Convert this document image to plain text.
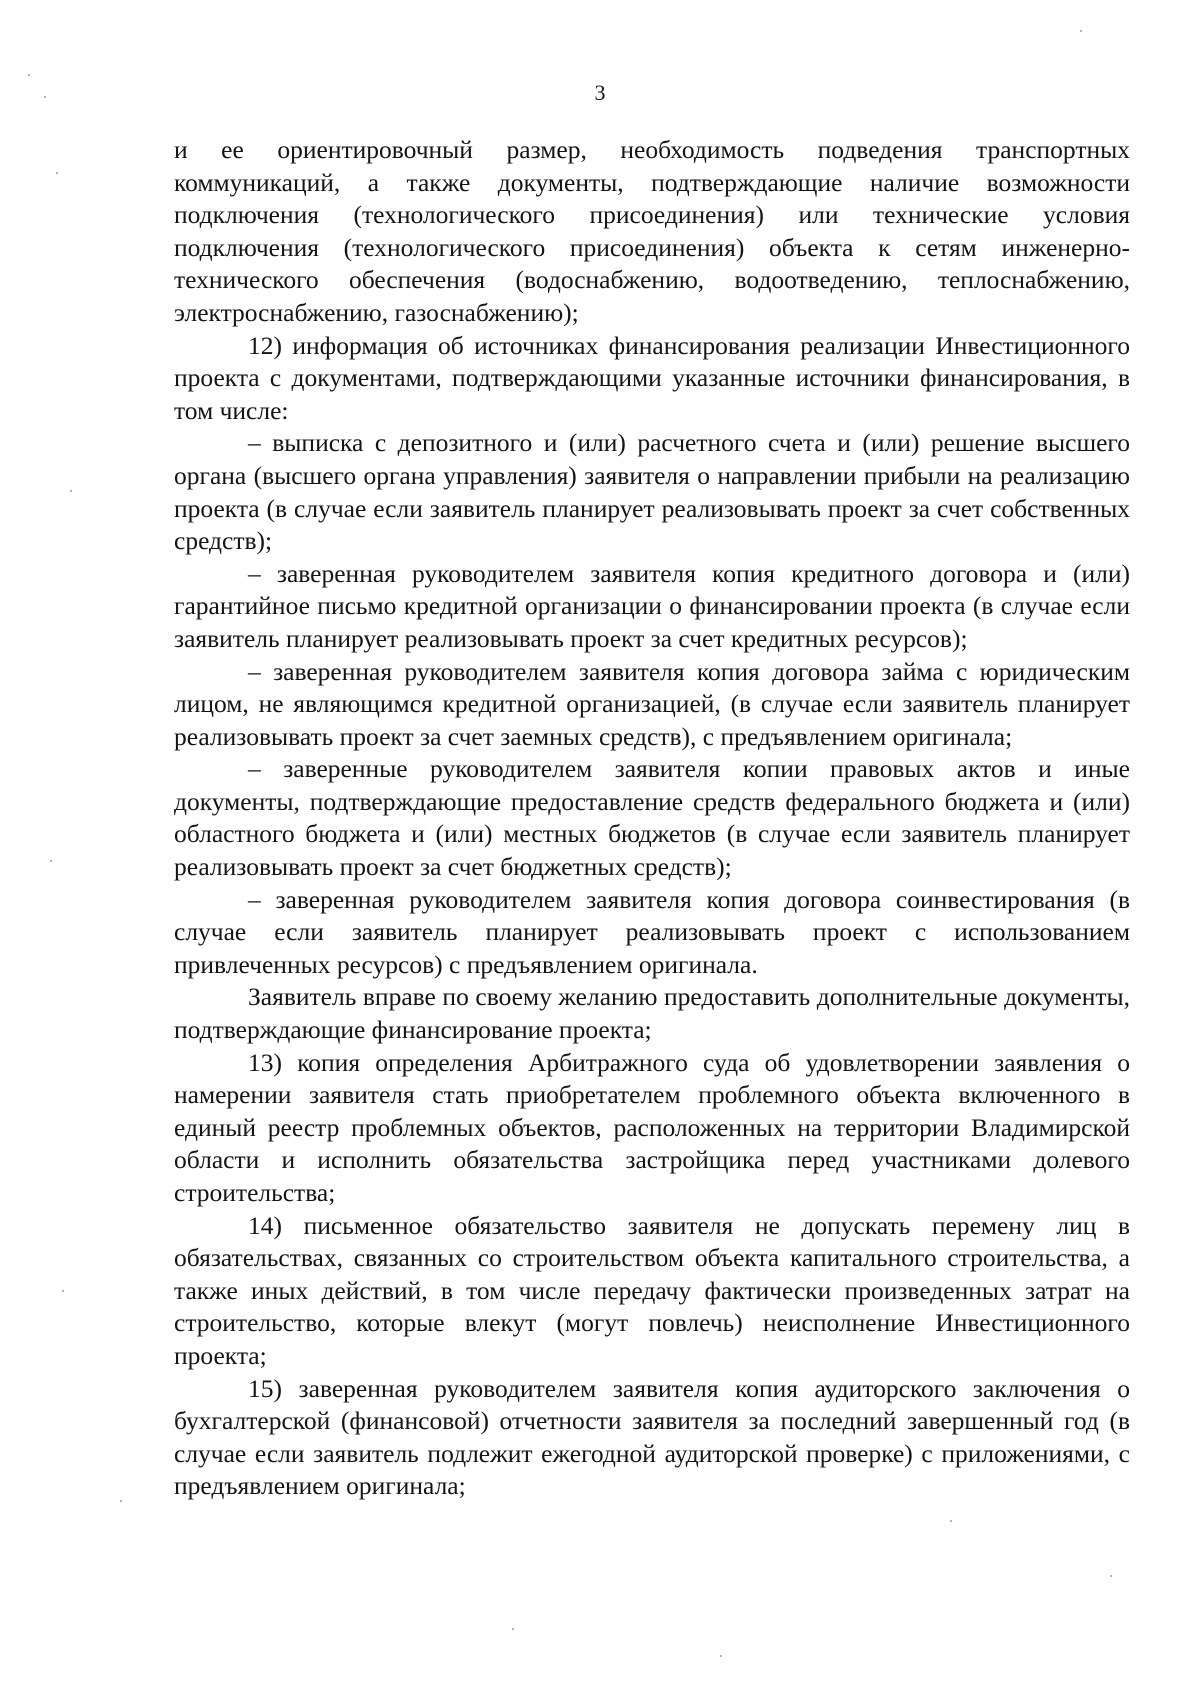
3

и ее ориентировочный размер, необходимость подведения транспортных коммуникаций, а также документы, подтверждающие наличие возможности подключения (технологического присоединения) или технические условия подключения (технологического присоединения) объекта к сетям инженерно-технического обеспечения (водоснабжению, водоотведению, теплоснабжению, электроснабжению, газоснабжению);

12) информация об источниках финансирования реализации Инвестиционного проекта с документами, подтверждающими указанные источники финансирования, в том числе:

– выписка с депозитного и (или) расчетного счета и (или) решение высшего органа (высшего органа управления) заявителя о направлении прибыли на реализацию проекта (в случае если заявитель планирует реализовывать проект за счет собственных средств);

– заверенная руководителем заявителя копия кредитного договора и (или) гарантийное письмо кредитной организации о финансировании проекта (в случае если заявитель планирует реализовывать проект за счет кредитных ресурсов);

– заверенная руководителем заявителя копия договора займа с юридическим лицом, не являющимся кредитной организацией, (в случае если заявитель планирует реализовывать проект за счет заемных средств), с предъявлением оригинала;

– заверенные руководителем заявителя копии правовых актов и иные документы, подтверждающие предоставление средств федерального бюджета и (или) областного бюджета и (или) местных бюджетов (в случае если заявитель планирует реализовывать проект за счет бюджетных средств);

– заверенная руководителем заявителя копия договора соинвестирования (в случае если заявитель планирует реализовывать проект с использованием привлеченных ресурсов) с предъявлением оригинала.

Заявитель вправе по своему желанию предоставить дополнительные документы, подтверждающие финансирование проекта;

13) копия определения Арбитражного суда об удовлетворении заявления о намерении заявителя стать приобретателем проблемного объекта включенного в единый реестр проблемных объектов, расположенных на территории Владимирской области и исполнить обязательства застройщика перед участниками долевого строительства;

14) письменное обязательство заявителя не допускать перемену лиц в обязательствах, связанных со строительством объекта капитального строительства, а также иных действий, в том числе передачу фактически произведенных затрат на строительство, которые влекут (могут повлечь) неисполнение Инвестиционного проекта;

15) заверенная руководителем заявителя копия аудиторского заключения о бухгалтерской (финансовой) отчетности заявителя за последний завершенный год (в случае если заявитель подлежит ежегодной аудиторской проверке) с приложениями, с предъявлением оригинала;
